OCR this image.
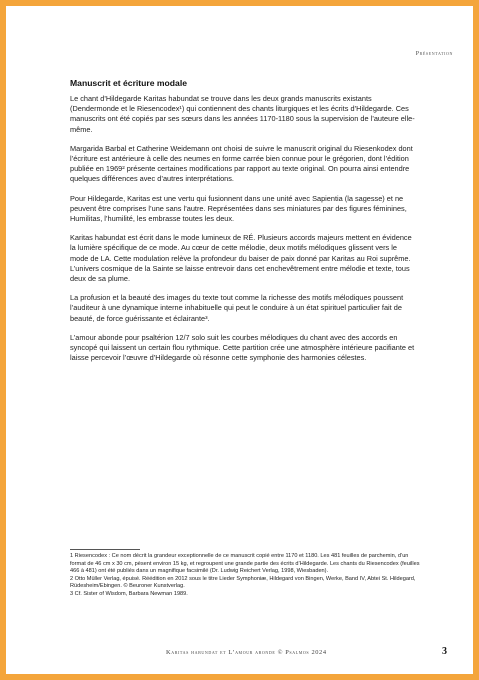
Présentation
Manuscrit et écriture modale

Le chant d’Hildegarde Karitas habundat se trouve dans les deux grands manuscrits existants (Dendermonde et le Riesencodex¹) qui contiennent des chants liturgiques et les écrits d’Hildegarde. Ces manuscrits ont été copiés par ses sœurs dans les années 1170-1180 sous la supervision de l’auteure elle-même.

Margarida Barbal et Catherine Weidemann ont choisi de suivre le manuscrit original du Riesenkodex dont l’écriture est antérieure à celle des neumes en forme carrée bien connue pour le grégorien, dont l’édition publiée en 1969² présente certaines modifications par rapport au texte original. On pourra ainsi entendre quelques différences avec d’autres interprétations.

Pour Hildegarde, Karitas est une vertu qui fusionnent dans une unité avec Sapientia (la sagesse) et ne peuvent être comprises l’une sans l’autre. Représentées dans ses miniatures par des figures féminines, Humilitas, l’humilité, les embrasse toutes les deux.

Karitas habundat est écrit dans le mode lumineux de RÉ. Plusieurs accords majeurs mettent en évidence la lumière spécifique de ce mode. Au cœur de cette mélodie, deux motifs mélodiques glissent vers le mode de LA. Cette modulation relève la profondeur du baiser de paix donné par Karitas au Roi suprême. L’univers cosmique de la Sainte se laisse entrevoir dans cet enchevêtrement entre mélodie et texte, tous deux de sa plume.

La profusion et la beauté des images du texte tout comme la richesse des motifs mélodiques poussent l’auditeur à une dynamique interne inhabituelle qui peut le conduire à un état spirituel particulier fait de beauté, de force guérissante et éclairante³.

L’amour abonde pour psaltérion 12/7 solo suit les courbes mélodiques du chant avec des accords en syncopé qui laissent un certain flou rythmique. Cette partition crée une atmosphère intérieure pacifiante et laisse percevoir l’œuvre d’Hildegarde où résonne cette symphonie des harmonies célestes.

1 Riesencodex : Ce nom décrit la grandeur exceptionnelle de ce manuscrit copié entre 1170 et 1180. Les 481 feuilles de parchemin, d’un format de 46 cm x 30 cm, pèsent environ 15 kg, et regroupent une grande partie des écrits d’Hildegarde. Les chants du Riesencodex (feuilles 466 à 481) ont été publiés dans un magnifique facsimilé (Dr. Ludwig Reichert Verlag, 1998, Wiesbaden).

2 Otto Müller Verlag, épuisé. Réédition en 2012 sous le titre Lieder Symphoniæ, Hildegard von Bingen, Werke, Band IV, Abtei St. Hildegard, Rüdesheim/Ebingen. © Beuroner Kunstverlag.

3 Cf. Sister of Wisdom, Barbara Newman 1989.

Karitas habundat et L’amour abonde © Psalmos 2024	3
